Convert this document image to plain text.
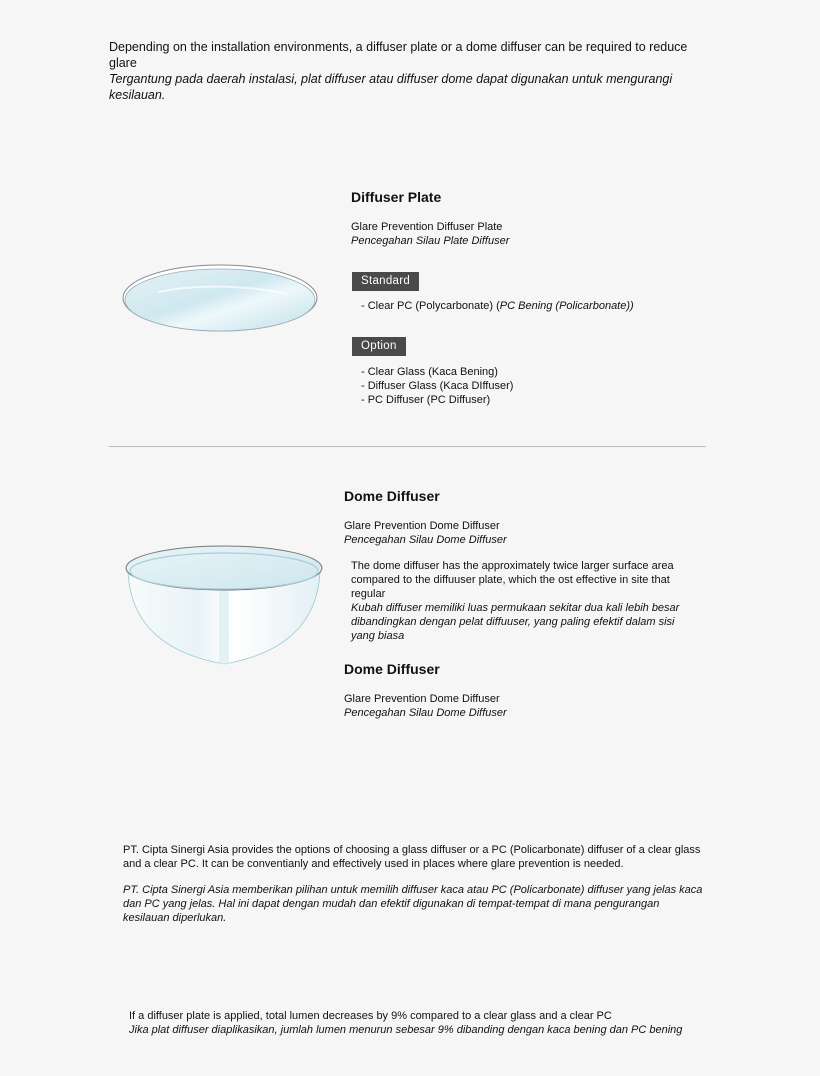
Depending on the installation environments, a diffuser plate or a dome diffuser can be required to reduce glare
Tergantung pada daerah instalasi, plat diffuser atau diffuser dome dapat digunakan untuk mengurangi kesilauan.
Diffuser Plate
Glare Prevention Diffuser Plate
Pencegahan Silau Plate Diffuser
Standard
- Clear PC (Polycarbonate) (PC Bening (Policarbonate))
Option
- Clear Glass (Kaca Bening)
- Diffuser Glass (Kaca DIffuser)
- PC Diffuser (PC Diffuser)
Dome Diffuser
Glare Prevention Dome Diffuser
Pencegahan Silau Dome Diffuser
The dome diffuser has the approximately twice larger surface area compared to the diffuuser plate, which the ost effective in site that regular
Kubah diffuser memiliki luas permukaan sekitar dua kali lebih besar dibandingkan dengan pelat diffuuser, yang paling efektif dalam sisi yang biasa
Dome Diffuser
Glare Prevention Dome Diffuser
Pencegahan Silau Dome Diffuser
PT. Cipta Sinergi Asia provides the options of choosing a glass diffuser or a PC (Policarbonate) diffuser of a clear glass and a clear PC. It can be conventianly and effectively used in places where glare prevention is needed.
PT. Cipta Sinergi Asia memberikan pilihan untuk memilih diffuser kaca atau PC (Policarbonate) diffuser yang jelas kaca dan PC yang jelas. Hal ini dapat dengan mudah dan efektif digunakan di tempat-tempat di mana pengurangan kesilauan diperlukan.
If a diffuser plate is applied, total lumen decreases by 9% compared to a clear glass and a clear PC
Jika plat diffuser diaplikasikan, jumlah lumen menurun sebesar 9% dibanding dengan kaca bening dan PC bening
